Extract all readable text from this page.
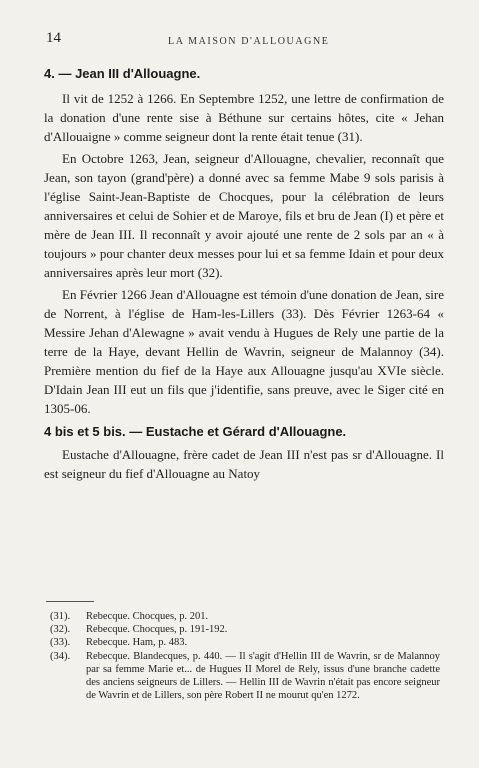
14	LA MAISON D'ALLOUAGNE
4. — Jean III d'Allouagne.

Il vit de 1252 à 1266. En Septembre 1252, une lettre de confirmation de la donation d'une rente sise à Béthune sur certains hôtes, cite « Jehan d'Allouaigne » comme seigneur dont la rente était tenue (31).

En Octobre 1263, Jean, seigneur d'Allouagne, chevalier, reconnaît que Jean, son tayon (grand'père) a donné avec sa femme Mabe 9 sols parisis à l'église Saint-Jean-Baptiste de Chocques, pour la célébration de leurs anniversaires et celui de Sohier et de Maroye, fils et bru de Jean (I) et père et mère de Jean III. Il reconnaît y avoir ajouté une rente de 2 sols par an « à toujours » pour chanter deux messes pour lui et sa femme Idain et pour deux anniversaires après leur mort (32).

En Février 1266 Jean d'Allouagne est témoin d'une donation de Jean, sire de Norrent, à l'église de Ham-les-Lillers (33). Dès Février 1263-64 « Messire Jehan d'Alewagne » avait vendu à Hugues de Rely une partie de la terre de la Haye, devant Hellin de Wavrin, seigneur de Malannoy (34). Première mention du fief de la Haye aux Allouagne jusqu'au XVIe siècle. D'Idain Jean III eut un fils que j'identifie, sans preuve, avec le Siger cité en 1305-06.

4 bis et 5 bis. — Eustache et Gérard d'Allouagne.

Eustache d'Allouagne, frère cadet de Jean III n'est pas sr d'Allouagne. Il est seigneur du fief d'Allouagne au Natoy

(31).	Rebecque. Chocques, p. 201.
(32).	Rebecque. Chocques, p. 191-192.
(33).	Rebecque. Ham, p. 483.
(34).	Rebecque. Blandecques, p. 440. — Il s'agit d'Hellin III de Wavrin, sr de Malannoy par sa femme Marie et... de Hugues II Morel de Rely, issus d'une branche cadette des anciens seigneurs de Lillers. — Hellin III de Wavrin n'était pas encore seigneur de Wavrin et de Lillers, son père Robert II ne mourut qu'en 1272.
